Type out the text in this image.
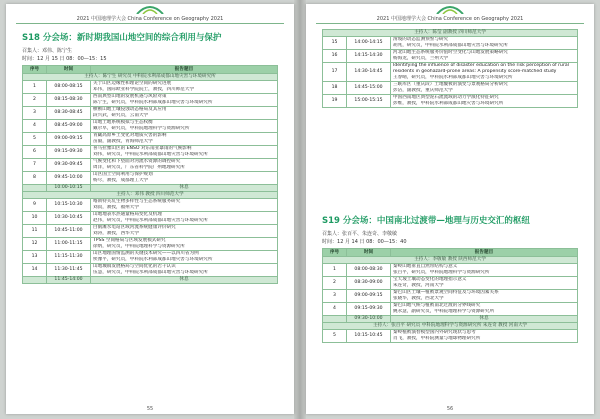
2021 中国地理学大会 China Conference on Geography 2021
S18 分会场：新时期我国山地空间的综合利用与保护
召集人：邓伟、陈宁生
时间：12 月 15 日 08：00—15：15
序号	时间	报告题目
主持人：陈宁生 研究员 中科院水利部成都山地灾害与环境研究所		
1	08:00-08:15	关于山区边缘性和理论空间的研究进展
邓伟，国际欧亚科学院院士，教授，四川师范大学

2	08:15-08:30	西南典型山地的发展机遇与风险对策
陈宁生，研究员，中科院水利部成都山地灾害与环境研究所

3	08:30-08:45	横断山地土壤侵蚀动态格局及其应用
段兴武，研究员，云南大学

4	08:45-09:00	山地土地系统模拟与生态权衡
戴尔阜，研究员，中科院地理科学与资源研究所

5	09:00-09:15	青藏高原乡土变化对地质灾害的影响
苗毅，副教授，青海师范大学

6	09:15-09:30	喜马拉雅山区的 ENSO 对东南亚暴雨的气候影响
刘伟，研究员，中科院水利部成都山地灾害与环境研究所

7	09:30-09:45	气候变化和下垫面对河流水资源的调控研究
周洋，研究员，广东省科学院广州地理研究所

8	09:45-10:00	山区国土空间利用与保护规划
杨尽，教授，成都理工大学

	10:00-10:15	休息
主持人：邓伟 教授 四川师范大学		
9	10:15-10:30	喀斯特关坑生物多样性与生态系统服务研究
刘叔，教授，福州大学

10	10:30-10:45	山地地表水热通量格局变化及机理
赵伟，研究员，中科院水利部成都山地灾害与环境研究所

11	10:45-11:00	白鹤滩水电站区域河流系统健康评价研究
刘涛，教授，西华大学

12	11:00-11:15	TPSS 空间格局与区域发展模式研究
徐炳，研究员，中科院地理科学与资源研究所

13	11:15-11:30	山区地理国情监测的关键技术研究——以四川省为例
侯豫平，研究员，中科院水利部成都山地灾害与环境研究所

14	11:30-11:45	山地城镇发展格局与空间优化的若干认识
伍慧，研究员，中科院水利部成都山地灾害与环境研究所

	11:45-14:00	休息
55
2021 中国地理学大会 China Conference on Geography 2021
主持人：陈莹 副教授 四川师范大学		
15	14:00-14:15	滑坡的动态监测预警与研究
胡兆，研究员，中科院水利部成都山地灾害与环境研究所

16	14:15-14:30	河北山地生态系统服务价值时空变化与山地发展策略研究
杨海龙，研究员，兰州大学

17	14:30-14:45	Identifying the influence of disaster education on the risk perception of rural
residents in geohazard-prone areas: A propensity score-matched study
王春晴，研究员，中科院水利部成都山地灾害与环境研究所

18	14:45-15:00	三峡库区（重庆段）土地覆被的演变与景观格局分析研究
彭洁，副教授，重庆师范大学

19	15:00-15:15	中国西南地区典型泥石流流域的动力学演化特征研究
彭维，教授，中科院水利部成都山地灾害与环境研究所
S19 分会场：中国南北过渡带—地理与历史交汇的枢纽
召集人：张百平、朱连奇、李敬敏
时间：12 月 14 日 08：00—15：40
序号	时间	报告题目
主持人：李敬敏 教授 陕西师范大学		
1	08:00-08:30	秦岭山地垂直自然带结构与意义
张百平，研究员，中科院地理科学与资源研究所

2	08:30-09:00	宝天坡土壤动态变化的地理指示意义
朱连奇，教授，河南大学

3	09:00-09:15	秦巴山区土壤—植被景观空间特征及与环境因素关系
张晓华，教授，西北大学

4	09:15-09:30	秦巴山地气候与植被南北过渡的分界线研究
姚永慧，副研究员，中科院地理科学与资源研究所

	09:30-10:00	休息
主持人：张百平 研究员 中科院地理科学与资源研究所 朱连奇 教授 河南大学		
5	10:15-10:45	秦岭植被演替模型国内外研究现状与思考
肖飞，教授，中科院测量与地球物理研究所
56
